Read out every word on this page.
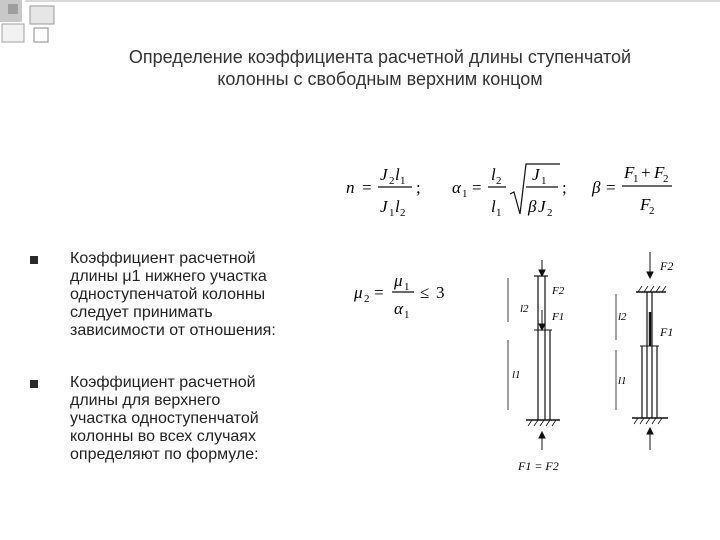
Определение коэффициента расчетной длины ступенчатой
колонны с свободным верхним концом
n =
J 2 l 1
J 1 l 2
; α 1 =
l 2
l 1
J 1
β J 2
; β =
F
1 + F
2
F
2
Коэффициент расчетной
длины μ1 нижнего участка
одноступенчатой колонны
следует принимать
зависимости от отношения:
Коэффициент расчетной
длины для верхнего
участка одноступенчатой
колонны во всех случаях
определяют по формуле:
μ 2 =
μ 1
α 1
≤ 3
l2
F2
F1
l1
F1 = F2
F2
F1
l2
l1
